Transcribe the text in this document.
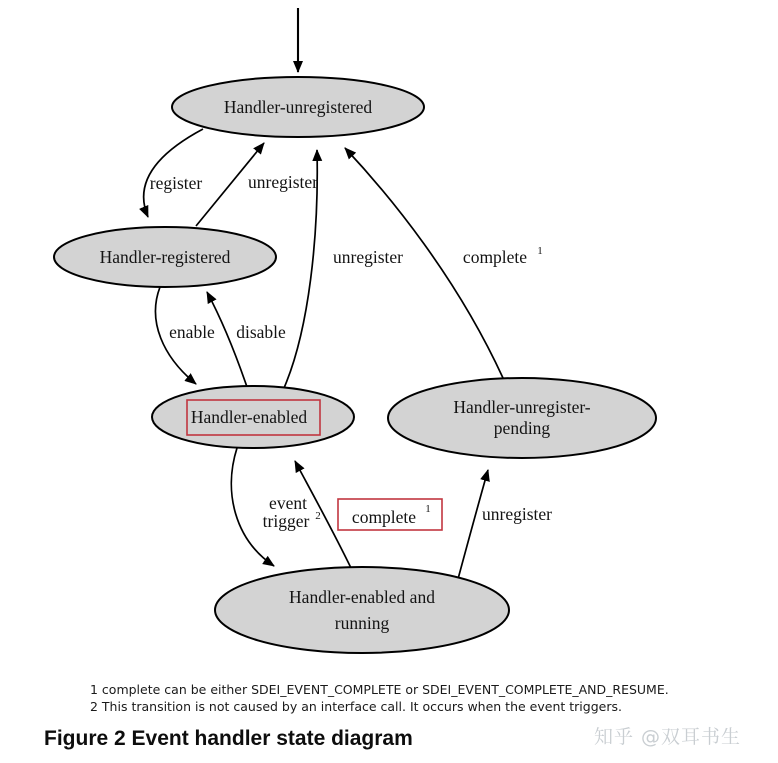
Handler-unregistered
Handler-registered
Handler-enabled	Handler-unregister-
pending
Handler-enabled and
running
register	unregister
enable disable
unregister	complete 1
event
trigger 2 complete 1	unregister
1 complete can be either SDEI_EVENT_COMPLETE or SDEI_EVENT_COMPLETE_AND_RESUME.
2 This transition is not caused by an interface call. It occurs when the event triggers.
Figure 2 Event handler state diagram	知乎 @双耳书生
